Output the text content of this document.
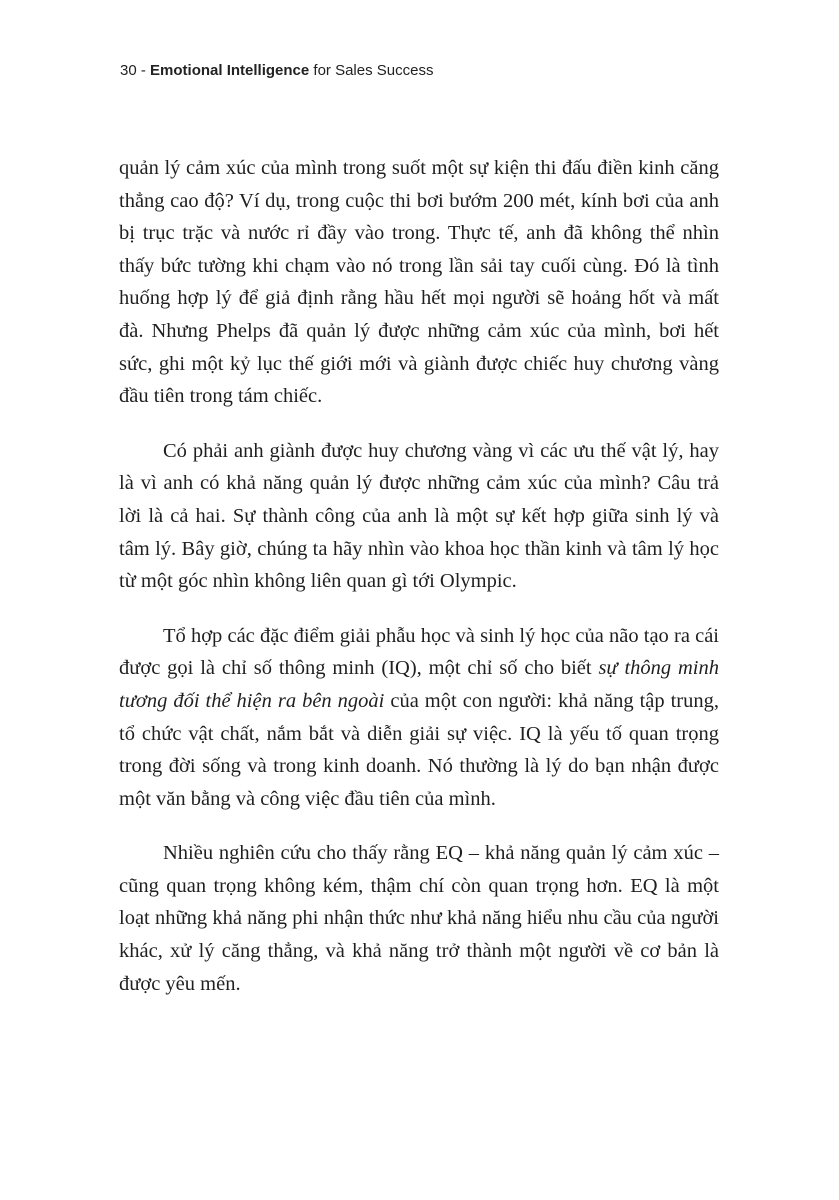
30 - Emotional Intelligence for Sales Success

quản lý cảm xúc của mình trong suốt một sự kiện thi đấu điền kinh căng thẳng cao độ? Ví dụ, trong cuộc thi bơi bướm 200 mét, kính bơi của anh bị trục trặc và nước rỉ đầy vào trong. Thực tế, anh đã không thể nhìn thấy bức tường khi chạm vào nó trong lần sải tay cuối cùng. Đó là tình huống hợp lý để giả định rằng hầu hết mọi người sẽ hoảng hốt và mất đà. Nhưng Phelps đã quản lý được những cảm xúc của mình, bơi hết sức, ghi một kỷ lục thế giới mới và giành được chiếc huy chương vàng đầu tiên trong tám chiếc.

Có phải anh giành được huy chương vàng vì các ưu thế vật lý, hay là vì anh có khả năng quản lý được những cảm xúc của mình? Câu trả lời là cả hai. Sự thành công của anh là một sự kết hợp giữa sinh lý và tâm lý. Bây giờ, chúng ta hãy nhìn vào khoa học thần kinh và tâm lý học từ một góc nhìn không liên quan gì tới Olympic.

Tổ hợp các đặc điểm giải phẫu học và sinh lý học của não tạo ra cái được gọi là chỉ số thông minh (IQ), một chỉ số cho biết sự thông minh tương đối thể hiện ra bên ngoài của một con người: khả năng tập trung, tổ chức vật chất, nắm bắt và diễn giải sự việc. IQ là yếu tố quan trọng trong đời sống và trong kinh doanh. Nó thường là lý do bạn nhận được một văn bằng và công việc đầu tiên của mình.

Nhiều nghiên cứu cho thấy rằng EQ – khả năng quản lý cảm xúc – cũng quan trọng không kém, thậm chí còn quan trọng hơn. EQ là một loạt những khả năng phi nhận thức như khả năng hiểu nhu cầu của người khác, xử lý căng thẳng, và khả năng trở thành một người về cơ bản là được yêu mến.
